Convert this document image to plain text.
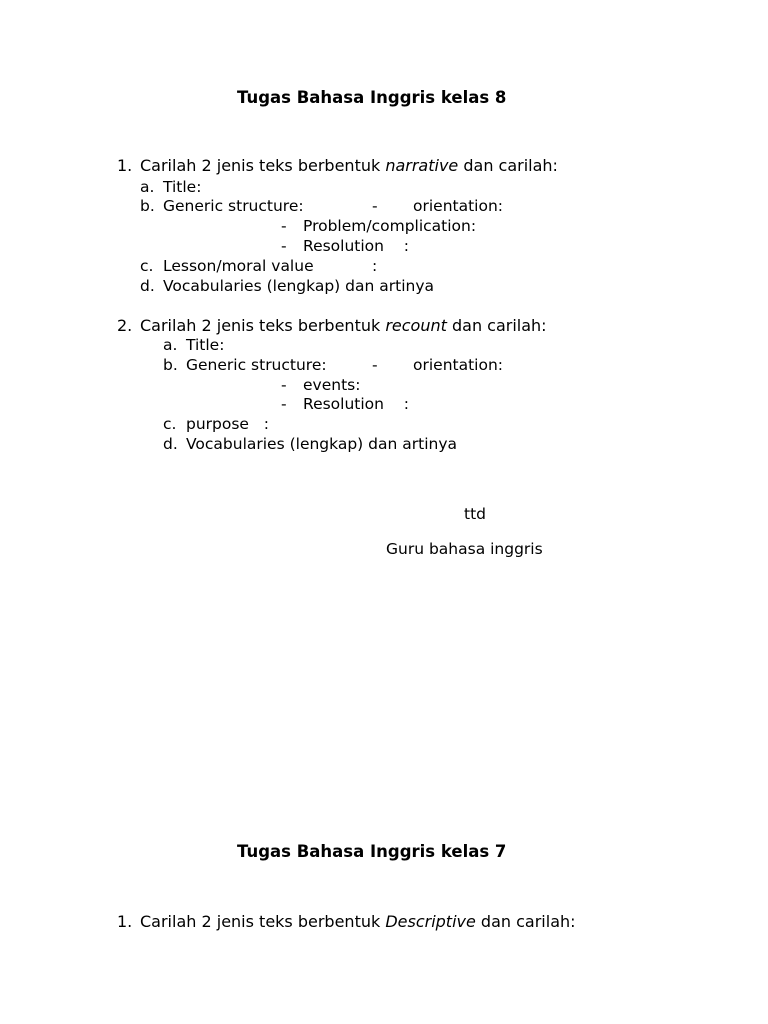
Tugas Bahasa Inggris kelas 8
1. Carilah 2 jenis teks berbentuk narrative dan carilah:
a. Title:
b. Generic structure:	- orientation:
- Problem/complication:
- Resolution    :
c. Lesson/moral value	:
d. Vocabularies (lengkap) dan artinya
2. Carilah 2 jenis teks berbentuk recount dan carilah:
a. Title:
b. Generic structure:	- orientation:
- events:
- Resolution    :
c. purpose   :
d. Vocabularies (lengkap) dan artinya
ttd
Guru bahasa inggris
Tugas Bahasa Inggris kelas 7
1. Carilah 2 jenis teks berbentuk Descriptive dan carilah:
